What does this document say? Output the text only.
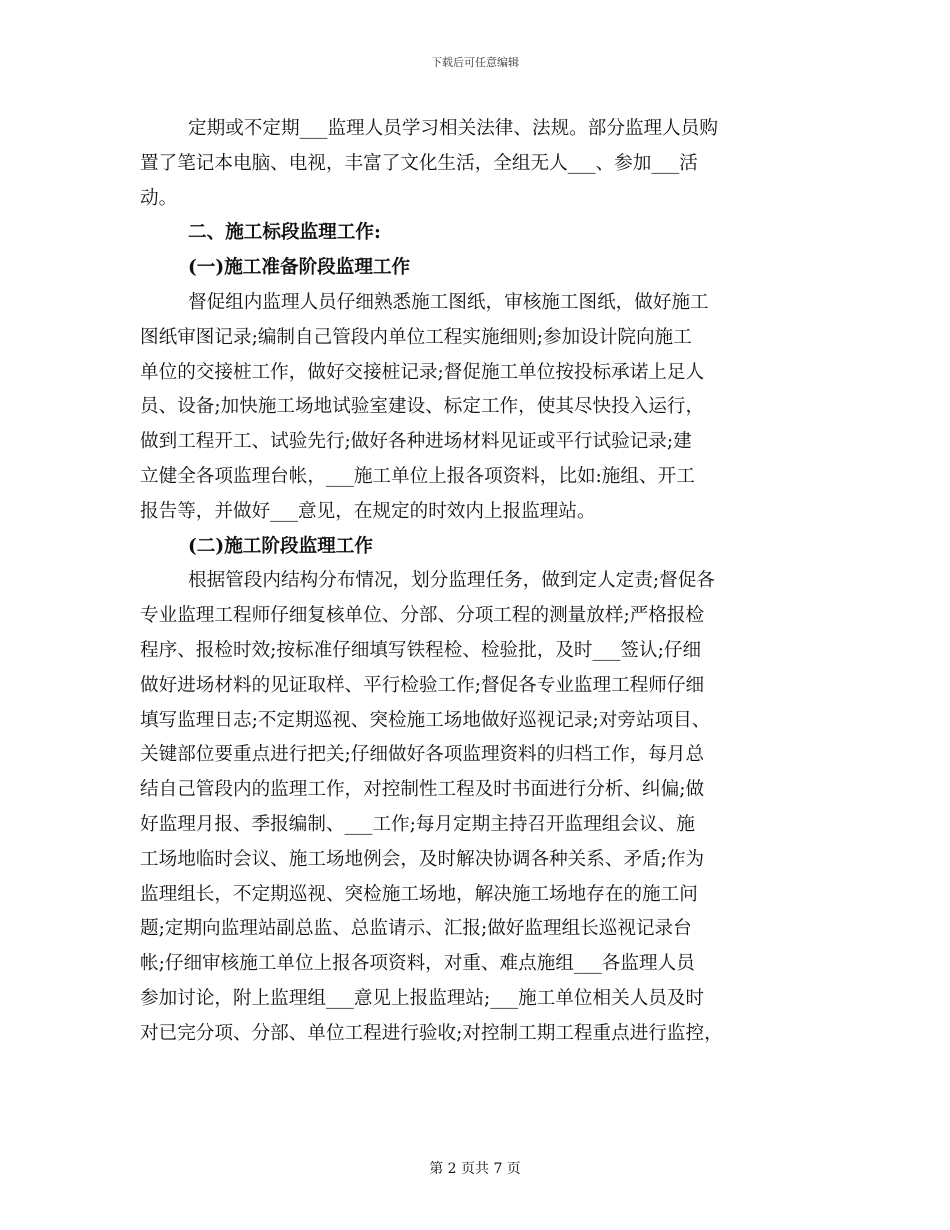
下载后可任意编辑
定期或不定期___监理人员学习相关法律、法规。部分监理人员购
置了笔记本电脑、电视，丰富了文化生活，全组无人___、参加___活
动。
二、施工标段监理工作:
(一)施工准备阶段监理工作
督促组内监理人员仔细熟悉施工图纸，审核施工图纸，做好施工
图纸审图记录;编制自己管段内单位工程实施细则;参加设计院向施工
单位的交接桩工作，做好交接桩记录;督促施工单位按投标承诺上足人
员、设备;加快施工场地试验室建设、标定工作，使其尽快投入运行，
做到工程开工、试验先行;做好各种进场材料见证或平行试验记录;建
立健全各项监理台帐，___施工单位上报各项资料，比如:施组、开工
报告等，并做好___意见，在规定的时效内上报监理站。
(二)施工阶段监理工作
根据管段内结构分布情况，划分监理任务，做到定人定责;督促各
专业监理工程师仔细复核单位、分部、分项工程的测量放样;严格报检
程序、报检时效;按标准仔细填写铁程检、检验批，及时___签认;仔细
做好进场材料的见证取样、平行检验工作;督促各专业监理工程师仔细
填写监理日志;不定期巡视、突检施工场地做好巡视记录;对旁站项目、
关键部位要重点进行把关;仔细做好各项监理资料的归档工作，每月总
结自己管段内的监理工作，对控制性工程及时书面进行分析、纠偏;做
好监理月报、季报编制、___工作;每月定期主持召开监理组会议、施
工场地临时会议、施工场地例会，及时解决协调各种关系、矛盾;作为
监理组长，不定期巡视、突检施工场地，解决施工场地存在的施工问
题;定期向监理站副总监、总监请示、汇报;做好监理组长巡视记录台
帐;仔细审核施工单位上报各项资料，对重、难点施组___各监理人员
参加讨论，附上监理组___意见上报监理站;___施工单位相关人员及时
对已完分项、分部、单位工程进行验收;对控制工期工程重点进行监控，
第 2 页共 7 页
